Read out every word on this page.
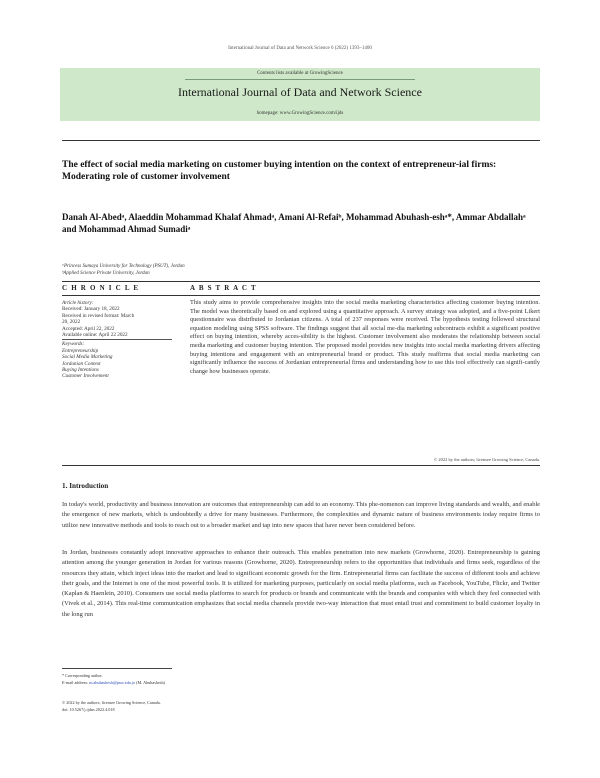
International Journal of Data and Network Science 6 (2022) 1393–1400
Contents lists available at GrowingScience
International Journal of Data and Network Science
homepage: www.GrowingScience.com/ijds
The effect of social media marketing on customer buying intention on the context of entrepreneur-ial firms: Moderating role of customer involvement
Danah Al-Abedᵃ, Alaeddin Mohammad Khalaf Ahmadᵃ, Amani Al-Refaiᵇ, Mohammad Abuhash-eshᵃ*, Ammar Abdallahᵃ and Mohammad Ahmad Sumadiᵃ
ᵃPrincess Sumaya University for Technology (PSUT), Jordan
ᵇApplied Science Private University, Jordan
C H R O N I C L E	A B S T R A C T
Article history:
Received: January 18, 2022
Received in revised format: March
20, 2022
Accepted: April 22, 2022
Available online: April 22 2022
Keywords:
Entrepreneurship
Social Media Marketing
Jordanian Context
Buying Intentions
Customer Involvement
This study aims to provide comprehensive insights into the social media marketing characteristics affecting customer buying intention. The model was theoretically based on and explored using a quantitative approach. A survey strategy was adopted, and a five-point Likert questionnaire was distributed to Jordanian citizens. A total of 237 responses were received. The hypothesis testing followed structural equation modeling using SPSS software. The findings suggest that all social me-dia marketing subcontracts exhibit a significant positive effect on buying intention, whereby acces-sibility is the highest. Customer involvement also moderates the relationship between social media marketing and customer buying intention. The proposed model provides new insights into social media marketing drivers affecting buying intentions and engagement with an entrepreneurial brand or product. This study reaffirms that social media marketing can significantly influence the success of Jordanian entrepreneurial firms and understanding how to use this tool effectively can signifi-cantly change how businesses operate.
© 2022 by the authors; licensee Growing Science, Canada.
1. Introduction
In today's world, productivity and business innovation are outcomes that entrepreneurship can add to an economy. This phe-nomenon can improve living standards and wealth, and enable the emergence of new markets, which is undoubtedly a drive for many businesses. Furthermore, the complexities and dynamic nature of business environments today require firms to utilize new innovative methods and tools to reach out to a broader market and tap into new spaces that have never been considered before.
In Jordan, businesses constantly adopt innovative approaches to enhance their outreach. This enables penetration into new markets (Growhorne, 2020). Entrepreneurship is gaining attention among the younger generation in Jordan for various reasons (Growhorne, 2020). Entrepreneurship refers to the opportunities that individuals and firms seek, regardless of the resources they attain, which inject ideas into the market and lead to significant economic growth for the firm. Entrepreneurial firms can facilitate the success of different tools and achieve their goals, and the Internet is one of the most powerful tools. It is utilized for marketing purposes, particularly on social media platforms, such as Facebook, YouTube, Flickr, and Twitter (Kaplan & Haenlein, 2010). Consumers use social media platforms to search for products or brands and communicate with the brands and companies with which they feel connected with (Vivek et al., 2014). This real-time communication emphasizes that social media channels provide two-way interaction that must entail trust and commitment to build customer loyalty in the long run
* Corresponding author.
E-mail address: m.abuhashesh@psut.edu.jo (M. Abuhashesh)
© 2022 by the authors; licensee Growing Science, Canada.
doi: 10.5267/j.ijdns.2022.4.018
